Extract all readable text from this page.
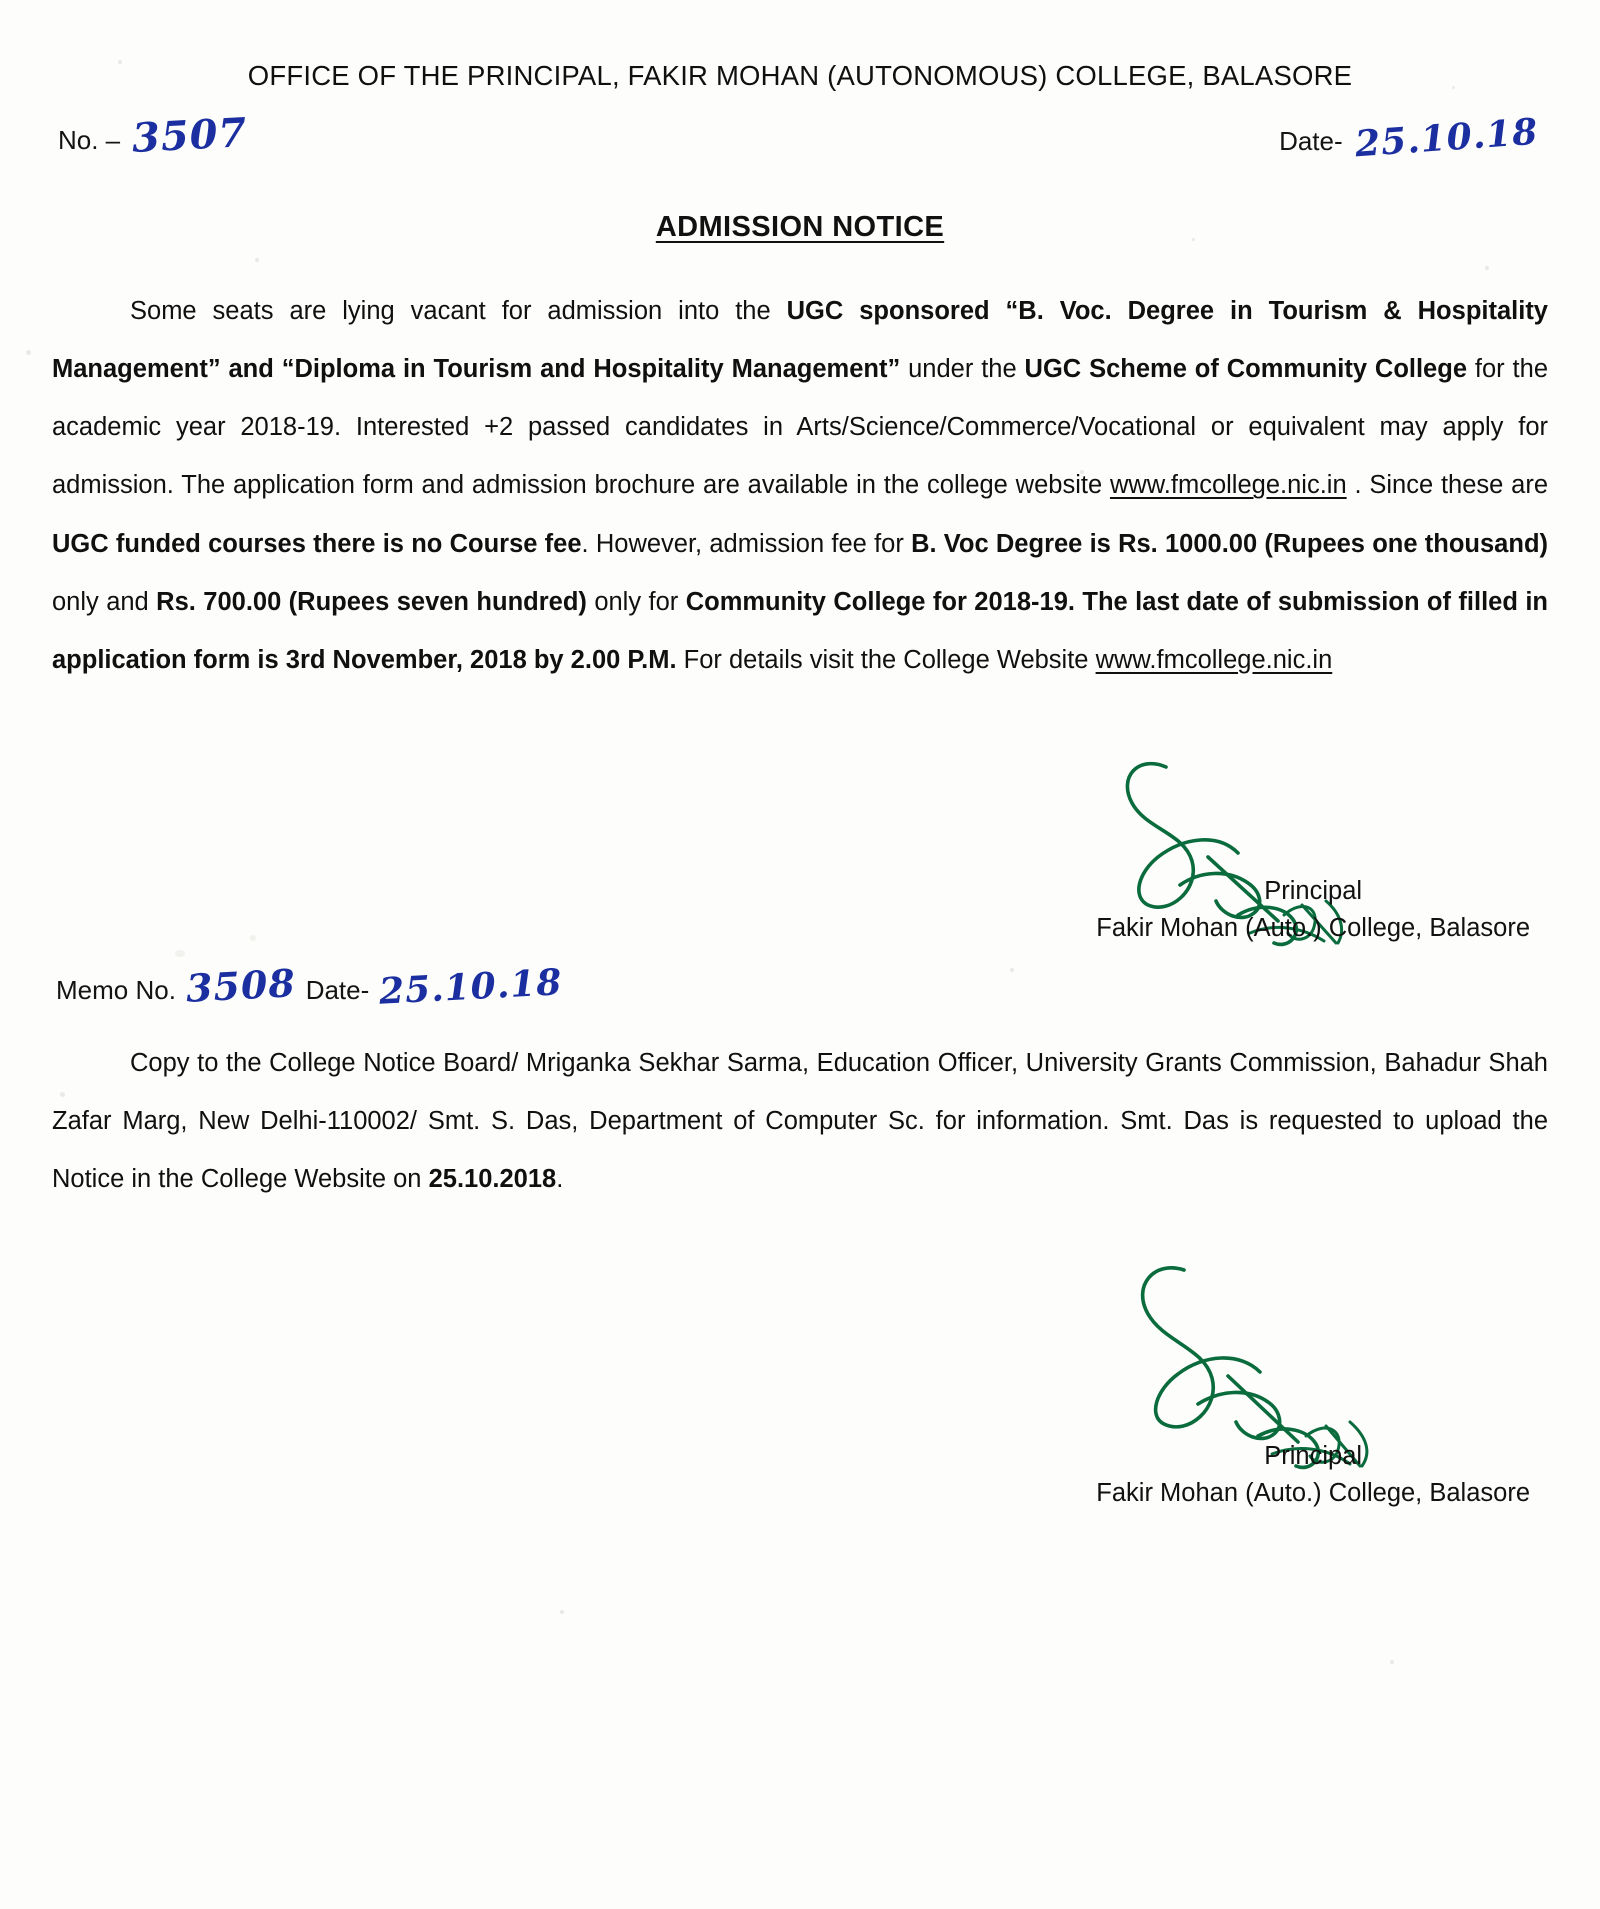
OFFICE OF THE PRINCIPAL, FAKIR MOHAN (AUTONOMOUS) COLLEGE, BALASORE
No. – 3507	Date- 25.10.18
ADMISSION NOTICE
Some seats are lying vacant for admission into the UGC sponsored “B. Voc. Degree in Tourism & Hospitality Management” and “Diploma in Tourism and Hospitality Management” under the UGC Scheme of Community College for the academic year 2018-19. Interested +2 passed candidates in Arts/Science/Commerce/Vocational or equivalent may apply for admission. The application form and admission brochure are available in the college website www.fmcollege.nic.in . Since these are UGC funded courses there is no Course fee. However, admission fee for B. Voc Degree is Rs. 1000.00 (Rupees one thousand) only and Rs. 700.00 (Rupees seven hundred) only for Community College for 2018-19. The last date of submission of filled in application form is 3rd November, 2018 by 2.00 P.M. For details visit the College Website www.fmcollege.nic.in
Principal
Fakir Mohan (Auto.) College, Balasore
Memo No. 3508 Date- 25.10.18
Copy to the College Notice Board/ Mriganka Sekhar Sarma, Education Officer, University Grants Commission, Bahadur Shah Zafar Marg, New Delhi-110002/ Smt. S. Das, Department of Computer Sc. for information. Smt. Das is requested to upload the Notice in the College Website on 25.10.2018.
Principal
Fakir Mohan (Auto.) College, Balasore
